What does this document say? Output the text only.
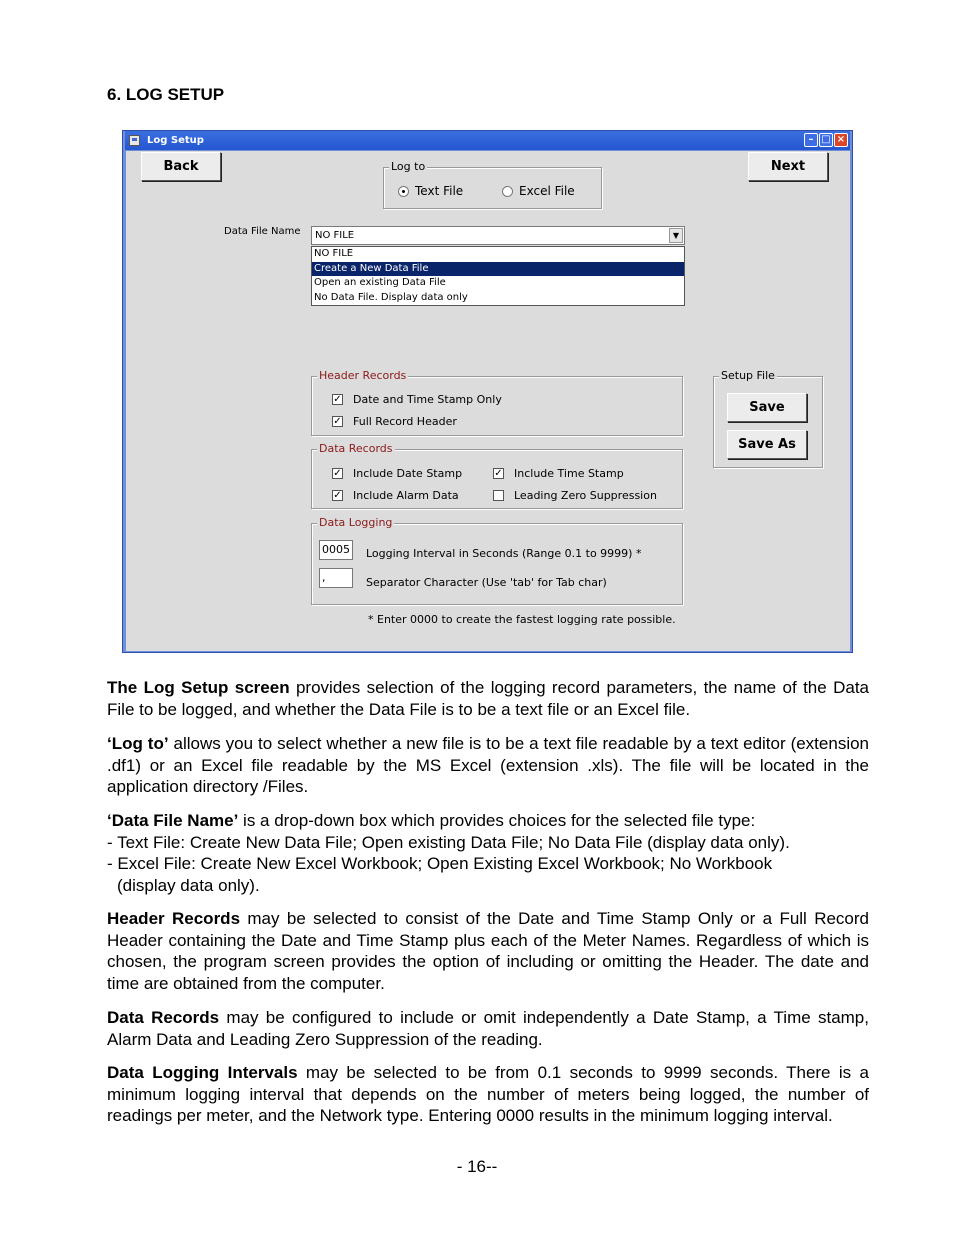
6. LOG SETUP
Log Setup	– □ ×
Back	Next
Log to
Text File	Excel File
Data File Name	NO FILE	▼
NO FILE
Create a New Data File
Open an existing Data File
No Data File. Display data only
Header Records
✓ Date and Time Stamp Only
✓ Full Record Header
Data Records
✓ Include Date Stamp	✓ Include Time Stamp
✓ Include Alarm Data	Leading Zero Suppression
Data Logging
0005 Logging Interval in Seconds (Range 0.1 to 9999) *
,	Separator Character (Use 'tab' for Tab char)
Setup File
Save
Save As
* Enter 0000 to create the fastest logging rate possible.
The Log Setup screen provides selection of the logging record parameters, the name of the Data File to be logged, and whether the Data File is to be a text file or an Excel file.
‘Log to’ allows you to select whether a new file is to be a text file readable by a text editor (extension .df1) or an Excel file readable by the MS Excel (extension .xls). The file will be located in the application directory /Files.
‘Data File Name’ is a drop-down box which provides choices for the selected file type:
- Text File: Create New Data File; Open existing Data File; No Data File (display data only).
- Excel File: Create New Excel Workbook; Open Existing Excel Workbook; No Workbook
(display data only).
Header Records may be selected to consist of the Date and Time Stamp Only or a Full Record Header containing the Date and Time Stamp plus each of the Meter Names. Regardless of which is chosen, the program screen provides the option of including or omitting the Header. The date and time are obtained from the computer.
Data Records may be configured to include or omit independently a Date Stamp, a Time stamp, Alarm Data and Leading Zero Suppression of the reading.
Data Logging Intervals may be selected to be from 0.1 seconds to 9999 seconds. There is a minimum logging interval that depends on the number of meters being logged, the number of readings per meter, and the Network type. Entering 0000 results in the minimum logging interval.
- 16--
